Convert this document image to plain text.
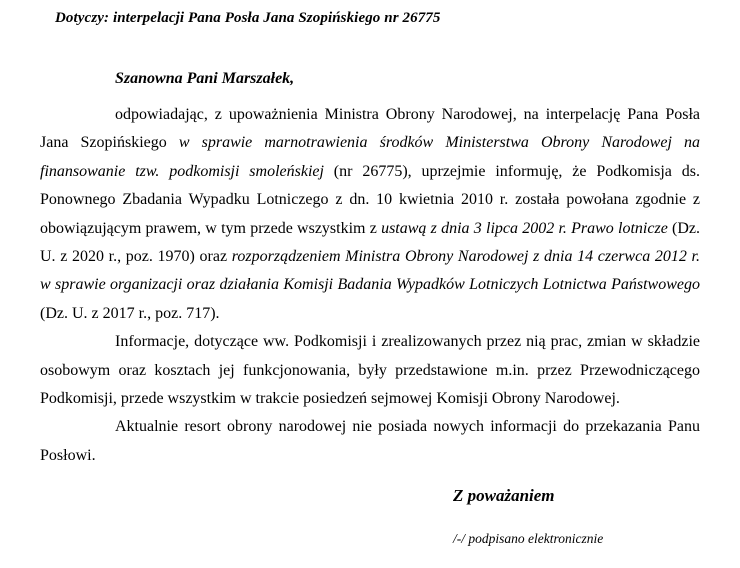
Dotyczy: interpelacji Pana Posła Jana Szopińskiego nr 26775
Szanowna Pani Marszałek,

odpowiadając, z upoważnienia Ministra Obrony Narodowej, na interpelację Pana Posła Jana Szopińskiego w sprawie marnotrawienia środków Ministerstwa Obrony Narodowej na finansowanie tzw. podkomisji smoleńskiej (nr 26775), uprzejmie informuję, że Podkomisja ds. Ponownego Zbadania Wypadku Lotniczego z dn. 10 kwietnia 2010 r. została powołana zgodnie z obowiązującym prawem, w tym przede wszystkim z ustawą z dnia 3 lipca 2002 r. Prawo lotnicze (Dz. U. z 2020 r., poz. 1970) oraz rozporządzeniem Ministra Obrony Narodowej z dnia 14 czerwca 2012 r. w sprawie organizacji oraz działania Komisji Badania Wypadków Lotniczych Lotnictwa Państwowego (Dz. U. z 2017 r., poz. 717).

Informacje, dotyczące ww. Podkomisji i zrealizowanych przez nią prac, zmian w składzie osobowym oraz kosztach jej funkcjonowania, były przedstawione m.in. przez Przewodniczącego Podkomisji, przede wszystkim w trakcie posiedzeń sejmowej Komisji Obrony Narodowej.

Aktualnie resort obrony narodowej nie posiada nowych informacji do przekazania Panu Posłowi.

Z poważaniem
/-/ podpisano elektronicznie
